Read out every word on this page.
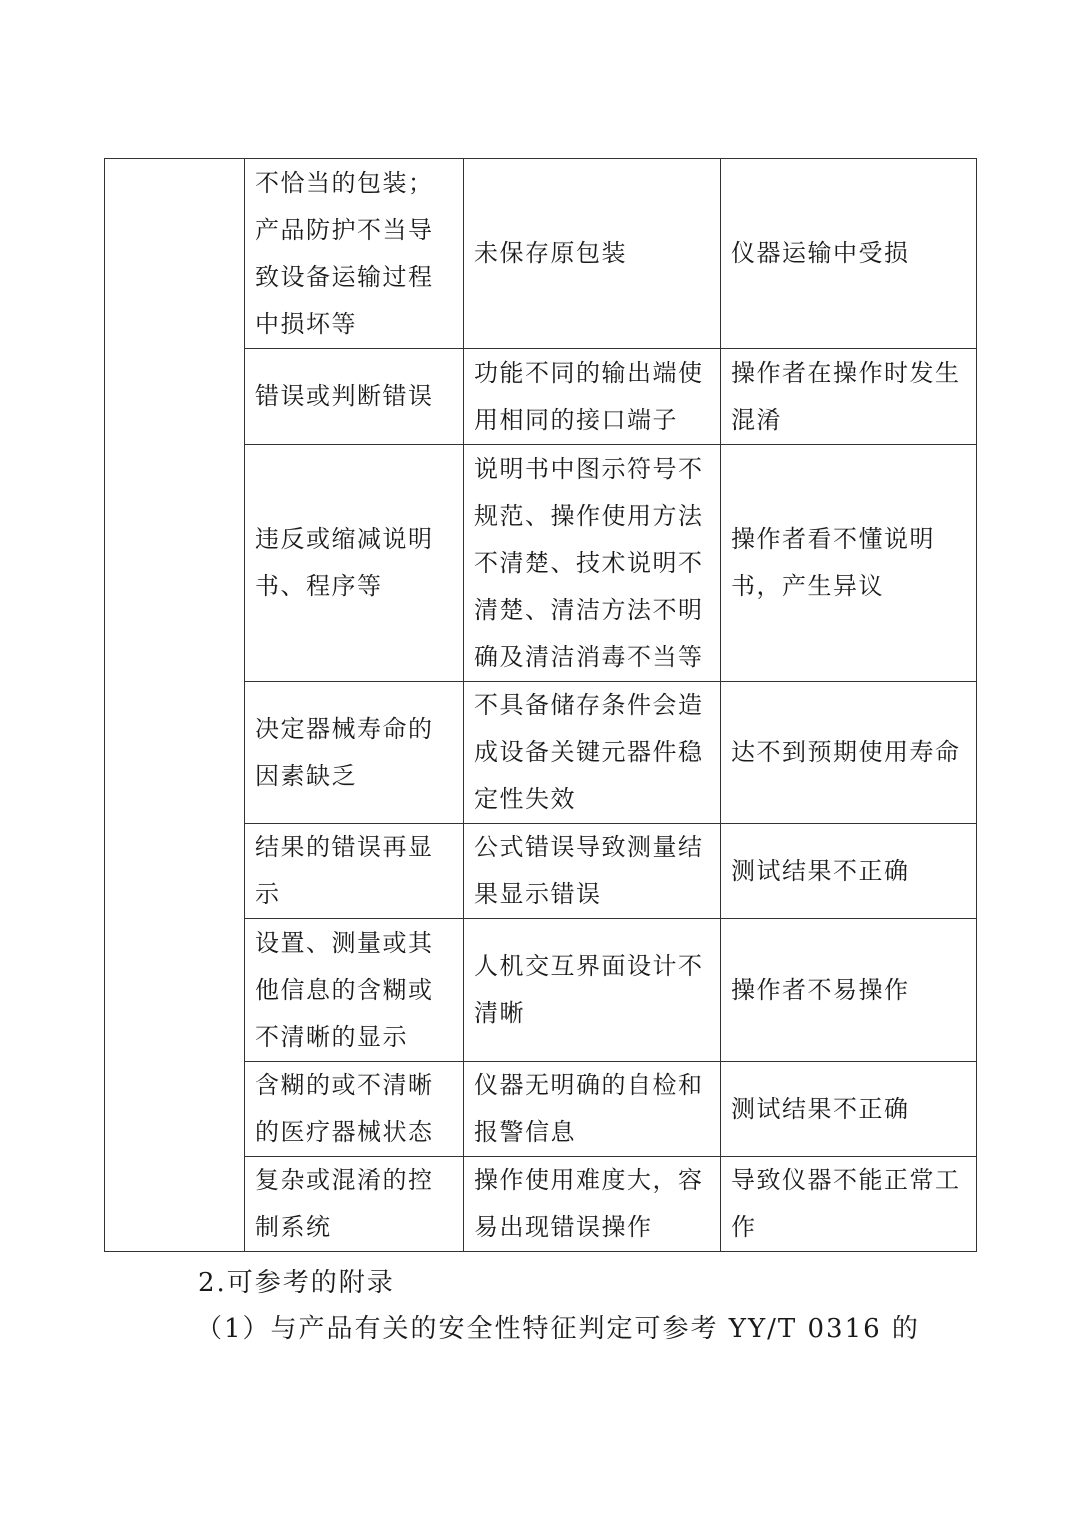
	不恰当的包装；产品防护不当导致设备运输过程中损坏等	未保存原包装	仪器运输中受损
	错误或判断错误	功能不同的输出端使用相同的接口端子	操作者在操作时发生混淆
	违反或缩减说明书、程序等	说明书中图示符号不规范、操作使用方法不清楚、技术说明不清楚、清洁方法不明确及清洁消毒不当等	操作者看不懂说明书，产生异议
	决定器械寿命的因素缺乏	不具备储存条件会造成设备关键元器件稳定性失效	达不到预期使用寿命
	结果的错误再显示	公式错误导致测量结果显示错误	测试结果不正确
	设置、测量或其他信息的含糊或不清晰的显示	人机交互界面设计不清晰	操作者不易操作
	含糊的或不清晰的医疗器械状态	仪器无明确的自检和报警信息	测试结果不正确
	复杂或混淆的控制系统	操作使用难度大，容易出现错误操作	导致仪器不能正常工作
2.可参考的附录
（1）与产品有关的安全性特征判定可参考 YY/T 0316 的
